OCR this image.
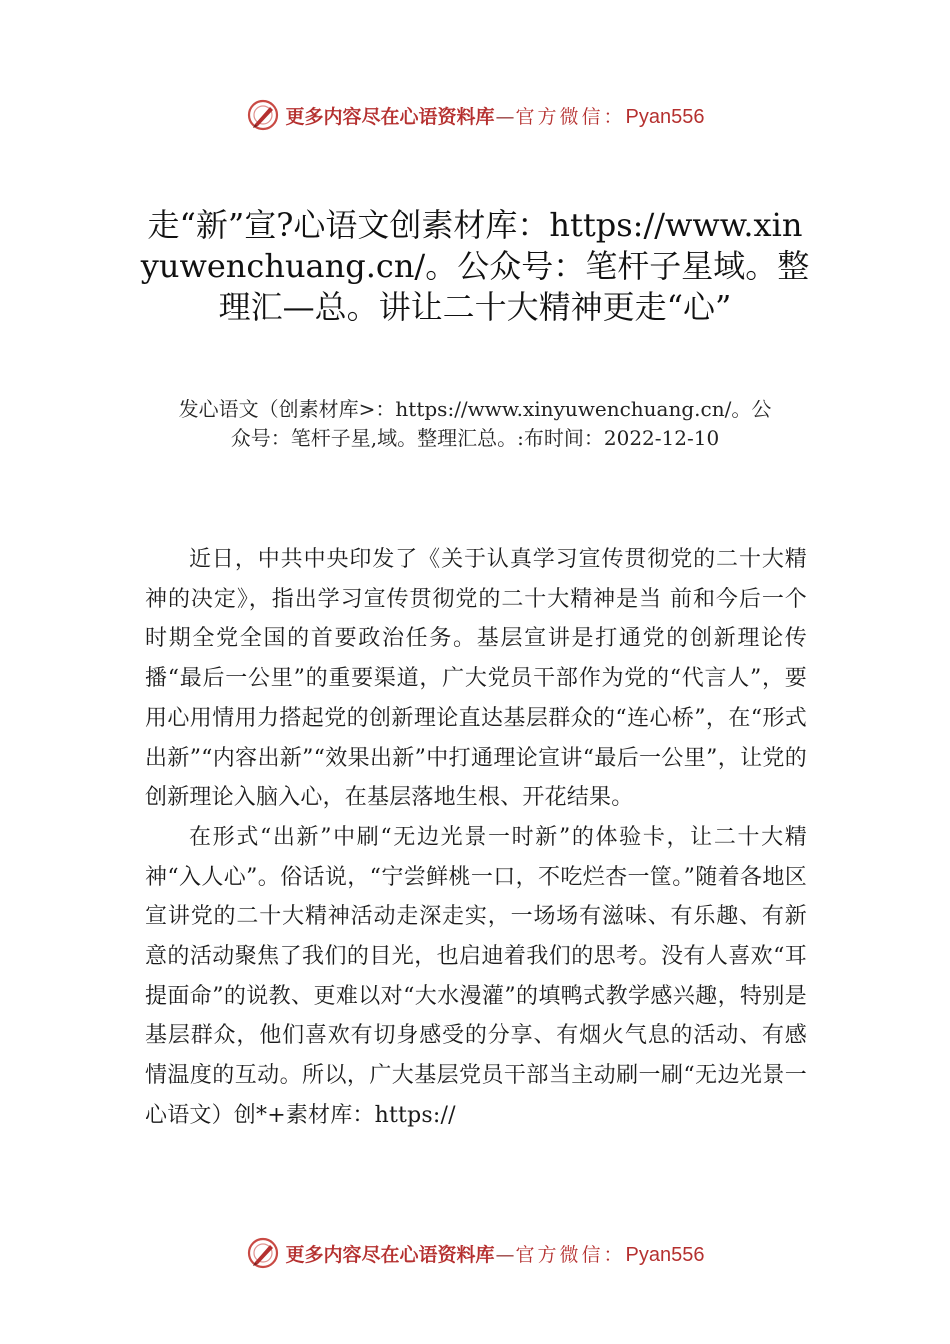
更多内容尽在心语资料库—官方微信：Pyan556
走“新”宣?心语文创素材库：https://www.xinyuwenchuang.cn/。公众号：笔杆子星域。整理汇—总。讲让二十大精神更走“心”

发心语文（创素材库>：https://www.xinyuwenchuang.cn/。公众号：笔杆子星,域。整理汇总。:布时间：2022-12-10

近日，中共中央印发了《关于认真学习宣传贯彻党的二十大精神的决定》，指出学习宣传贯彻党的二十大精神是当 前和今后一个时期全党全国的首要政治任务。基层宣讲是打通党的创新理论传播“最后一公里”的重要渠道，广大党员干部作为党的“代言人”，要用心用情用力搭起党的创新理论直达基层群众的“连心桥”，在“形式出新”“内容出新”“效果出新”中打通理论宣讲“最后一公里”，让党的创新理论入脑入心，在基层落地生根、开花结果。

在形式“出新”中刷“无边光景一时新”的体验卡，让二十大精神“入人心”。俗话说，“宁尝鲜桃一口，不吃烂杏一筐。”随着各地区宣讲党的二十大精神活动走深走实，一场场有滋味、有乐趣、有新意的活动聚焦了我们的目光，也启迪着我们的思考。没有人喜欢“耳提面命”的说教、更难以对“大水漫灌”的填鸭式教学感兴趣，特别是基层群众，他们喜欢有切身感受的分享、有烟火气息的活动、有感情温度的互动。所以，广大基层党员干部当主动刷一刷“无边光景一心语文）创*+素材库：https://

更多内容尽在心语资料库—官方微信：Pyan556
